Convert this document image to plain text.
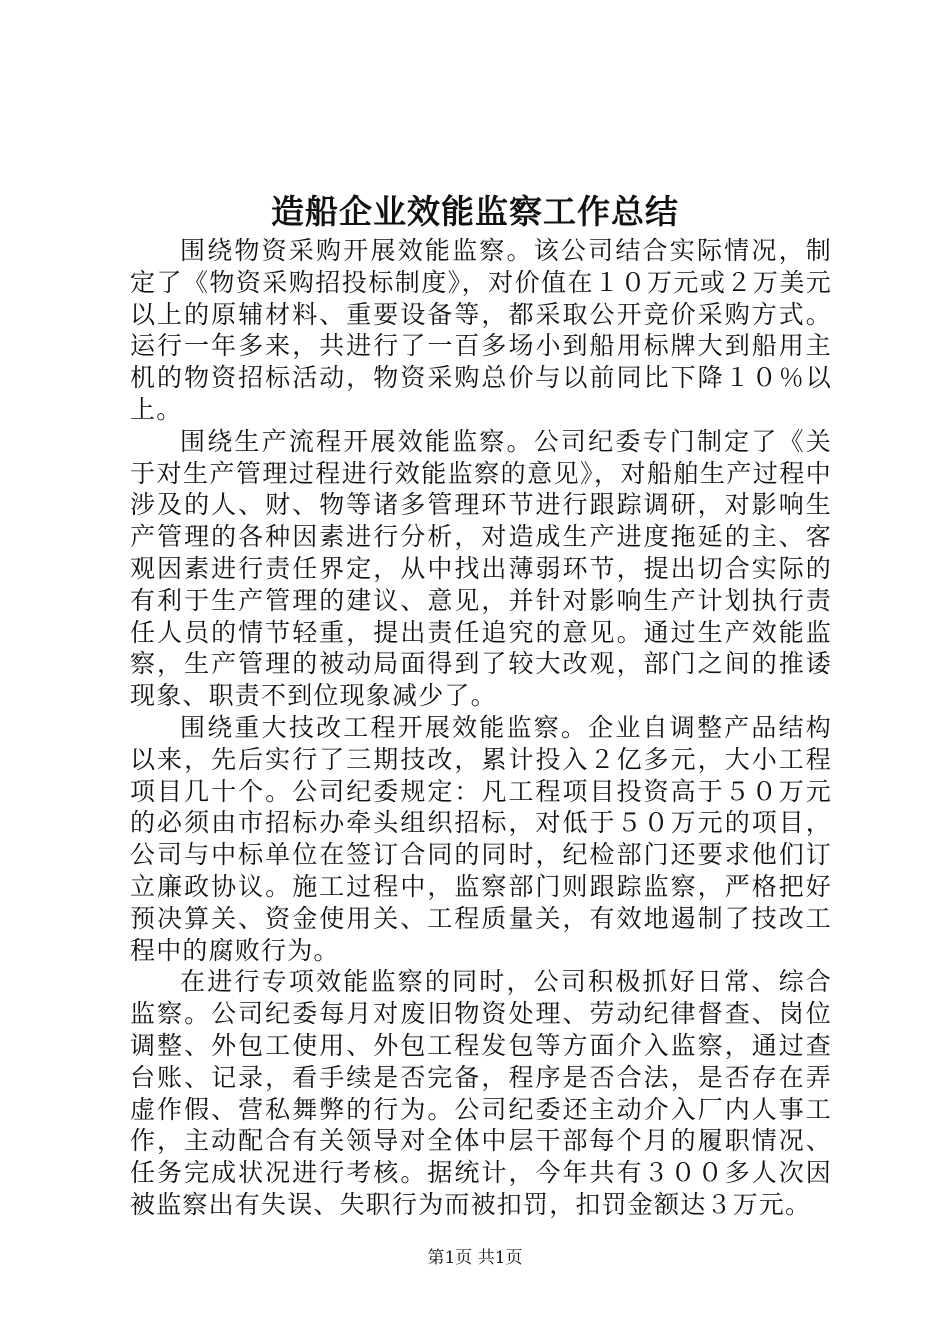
造船企业效能监察工作总结

围绕物资采购开展效能监察。该公司结合实际情况，制定了《物资采购招投标制度》，对价值在１０万元或２万美元以上的原辅材料、重要设备等，都采取公开竞价采购方式。运行一年多来，共进行了一百多场小到船用标牌大到船用主机的物资招标活动，物资采购总价与以前同比下降１０％以上。

围绕生产流程开展效能监察。公司纪委专门制定了《关于对生产管理过程进行效能监察的意见》，对船舶生产过程中涉及的人、财、物等诸多管理环节进行跟踪调研，对影响生产管理的各种因素进行分析，对造成生产进度拖延的主、客观因素进行责任界定，从中找出薄弱环节，提出切合实际的有利于生产管理的建议、意见，并针对影响生产计划执行责任人员的情节轻重，提出责任追究的意见。通过生产效能监察，生产管理的被动局面得到了较大改观，部门之间的推诿现象、职责不到位现象减少了。

围绕重大技改工程开展效能监察。企业自调整产品结构以来，先后实行了三期技改，累计投入２亿多元，大小工程项目几十个。公司纪委规定：凡工程项目投资高于５０万元的必须由市招标办牵头组织招标，对低于５０万元的项目，公司与中标单位在签订合同的同时，纪检部门还要求他们订立廉政协议。施工过程中，监察部门则跟踪监察，严格把好预决算关、资金使用关、工程质量关，有效地遏制了技改工程中的腐败行为。

在进行专项效能监察的同时，公司积极抓好日常、综合监察。公司纪委每月对废旧物资处理、劳动纪律督查、岗位调整、外包工使用、外包工程发包等方面介入监察，通过查台账、记录，看手续是否完备，程序是否合法，是否存在弄虚作假、营私舞弊的行为。公司纪委还主动介入厂内人事工作，主动配合有关领导对全体中层干部每个月的履职情况、任务完成状况进行考核。据统计，今年共有３００多人次因被监察出有失误、失职行为而被扣罚，扣罚金额达３万元。

第1页 共1页
